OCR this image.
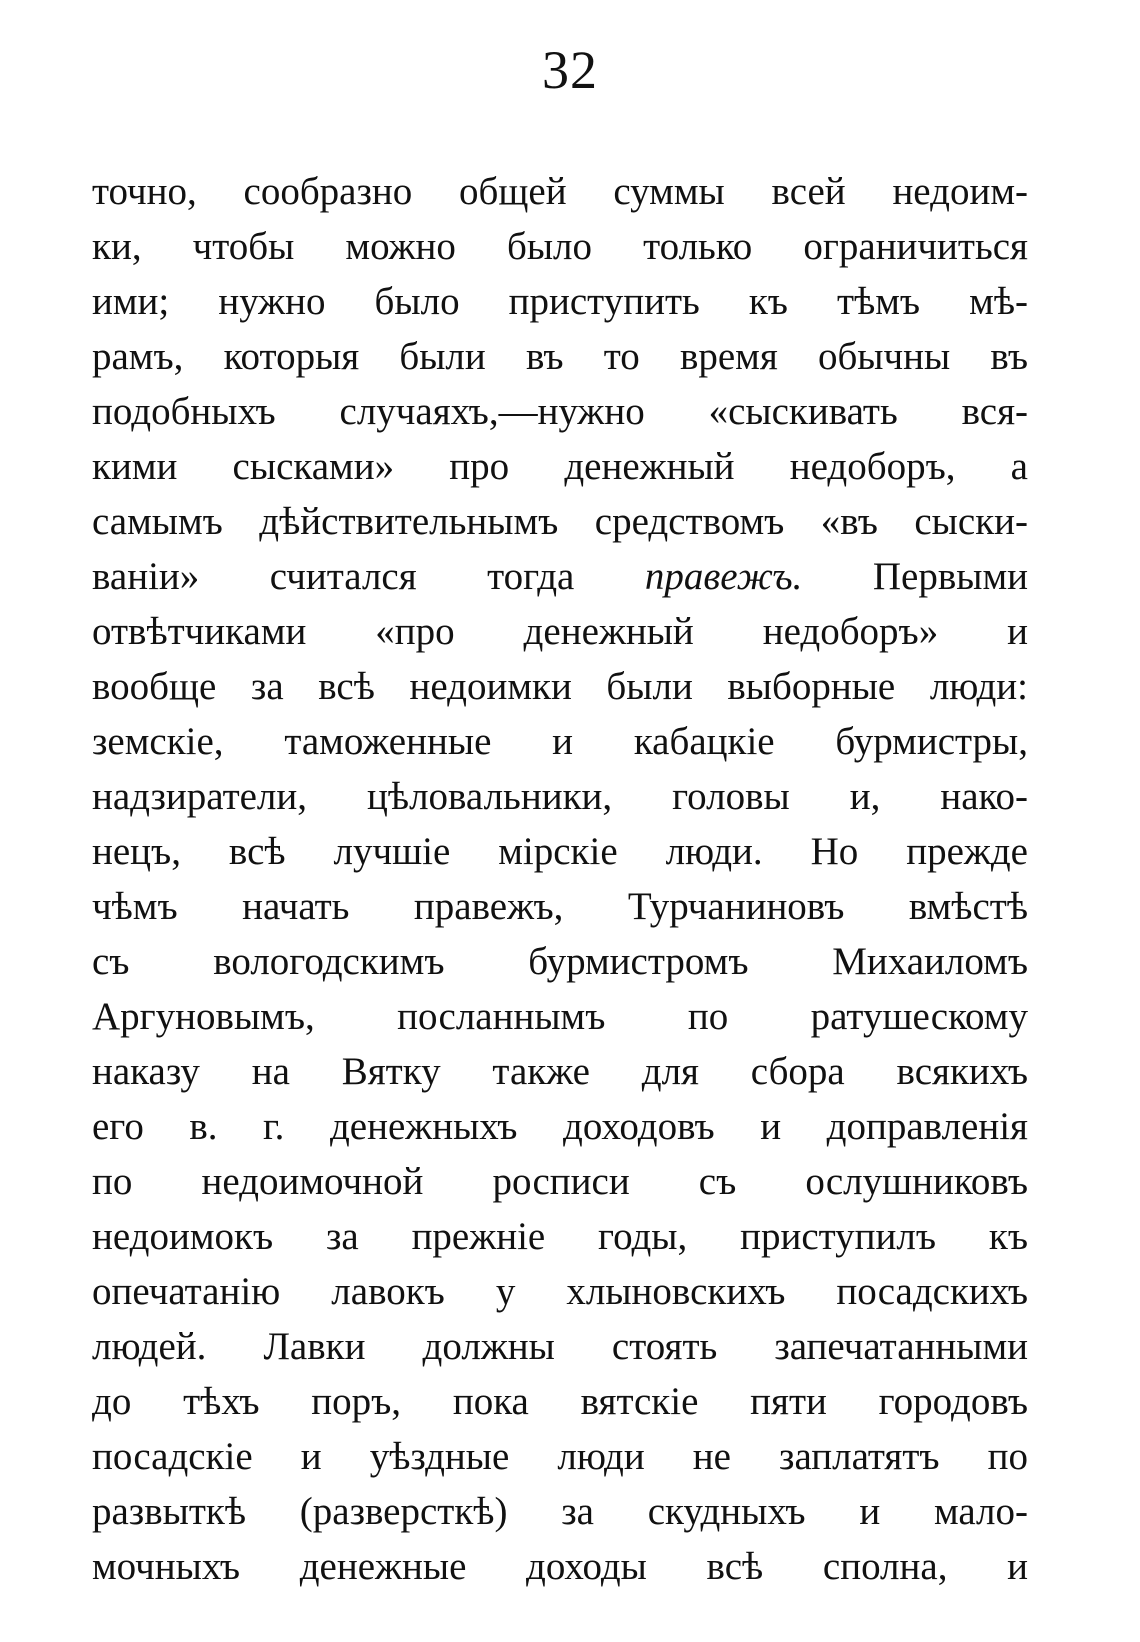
32
точно, сообразно общей суммы всей недоим-
ки, чтобы можно было только ограничиться
ими; нужно было приступить къ тѣмъ мѣ-
рамъ, которыя были въ то время обычны въ
подобныхъ случаяхъ,—нужно «сыскивать вся-
кими сысками» про денежный недоборъ, а
самымъ дѣйствительнымъ средствомъ «въ сыски-
ваніи» считался тогда правежъ. Первыми
отвѣтчиками «про денежный недоборъ» и
вообще за всѣ недоимки были выборные люди:
земскіе, таможенные и кабацкіе бурмистры,
надзиратели, цѣловальники, головы и, нако-
нецъ, всѣ лучшіе мірскіе люди. Но прежде
чѣмъ начать правежъ, Турчаниновъ вмѣстѣ
съ вологодскимъ бурмистромъ Михаиломъ
Аргуновымъ, посланнымъ по ратушескому
наказу на Вятку также для сбора всякихъ
его в. г. денежныхъ доходовъ и доправленія
по недоимочной росписи съ ослушниковъ
недоимокъ за прежніе годы, приступилъ къ
опечатанію лавокъ у хлыновскихъ посадскихъ
людей. Лавки должны стоять запечатанными
до тѣхъ поръ, пока вятскіе пяти городовъ
посадскіе и уѣздные люди не заплатятъ по
развыткѣ (разверсткѣ) за скудныхъ и мало-
мочныхъ денежные доходы всѣ сполна, и
